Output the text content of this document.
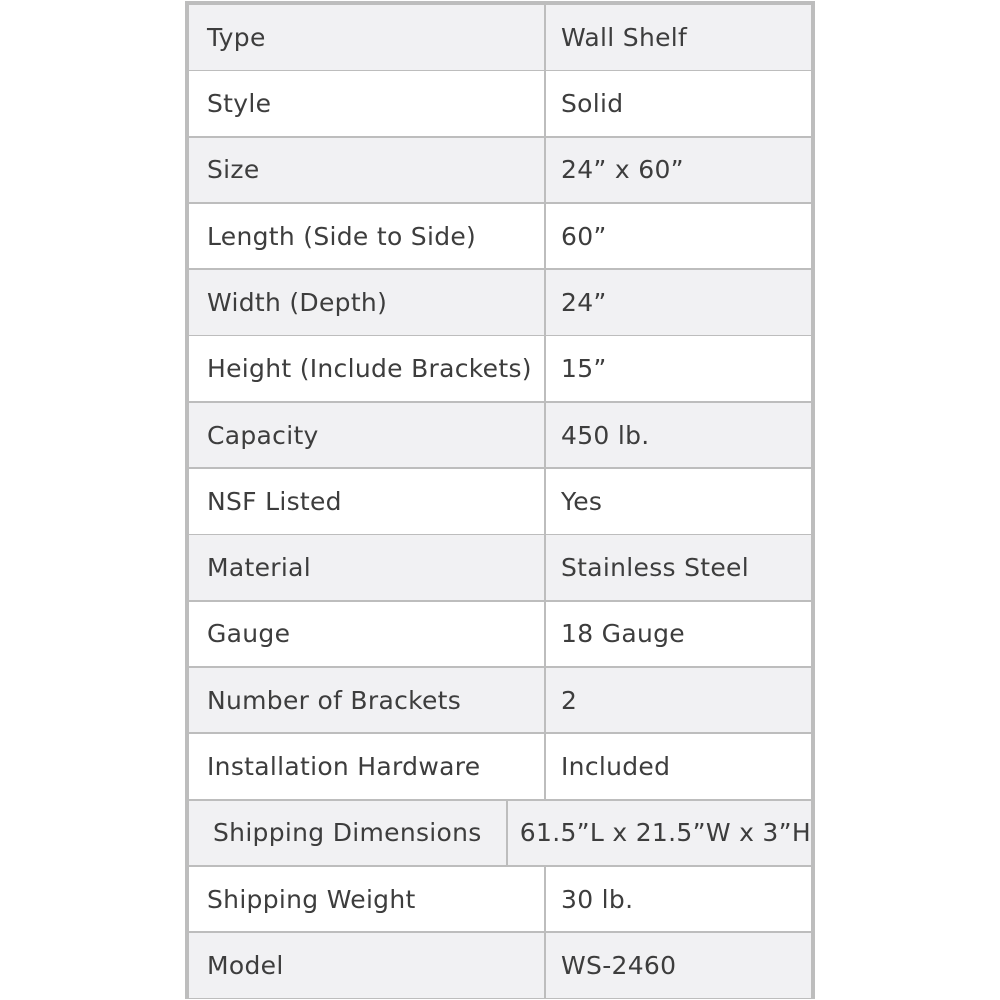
Type	Wall Shelf
Style	Solid
Size	24” x 60”
Length (Side to Side)	60”
Width (Depth)	24”
Height (Include Brackets)	15”
Capacity	450 lb.
NSF Listed	Yes
Material	Stainless Steel
Gauge	18 Gauge
Number of Brackets	2
Installation Hardware	Included
Shipping Dimensions	61.5”L x 21.5”W x 3”H
Shipping Weight	30 lb.
Model	WS-2460
